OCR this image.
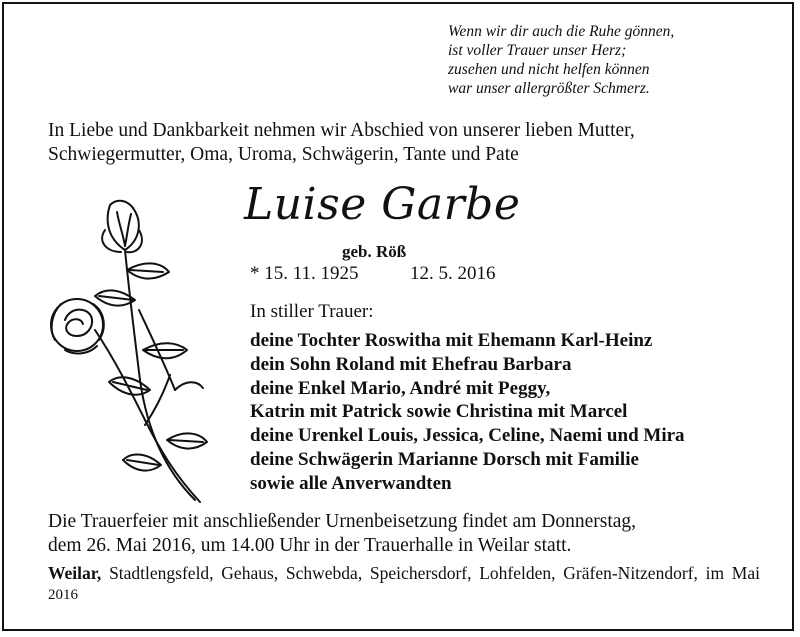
Wenn wir dir auch die Ruhe gönnen,
ist voller Trauer unser Herz;
zusehen und nicht helfen können
war unser allergrößter Schmerz.
In Liebe und Dankbarkeit nehmen wir Abschied von unserer lieben Mutter,
Schwiegermutter, Oma, Uroma, Schwägerin, Tante und Pate
Luise Garbe
geb. Röß
* 15. 11. 1925	12. 5. 2016
In stiller Trauer:
deine Tochter Roswitha mit Ehemann Karl-Heinz
dein Sohn Roland mit Ehefrau Barbara
deine Enkel Mario, André mit Peggy,
Katrin mit Patrick sowie Christina mit Marcel
deine Urenkel Louis, Jessica, Celine, Naemi und Mira
deine Schwägerin Marianne Dorsch mit Familie
sowie alle Anverwandten
Die Trauerfeier mit anschließender Urnenbeisetzung findet am Donnerstag,
dem 26. Mai 2016, um 14.00 Uhr in der Trauerhalle in Weilar statt.
Weilar, Stadtlengsfeld, Gehaus, Schwebda, Speichersdorf, Lohfelden, Gräfen-Nitzendorf, im Mai 2016
